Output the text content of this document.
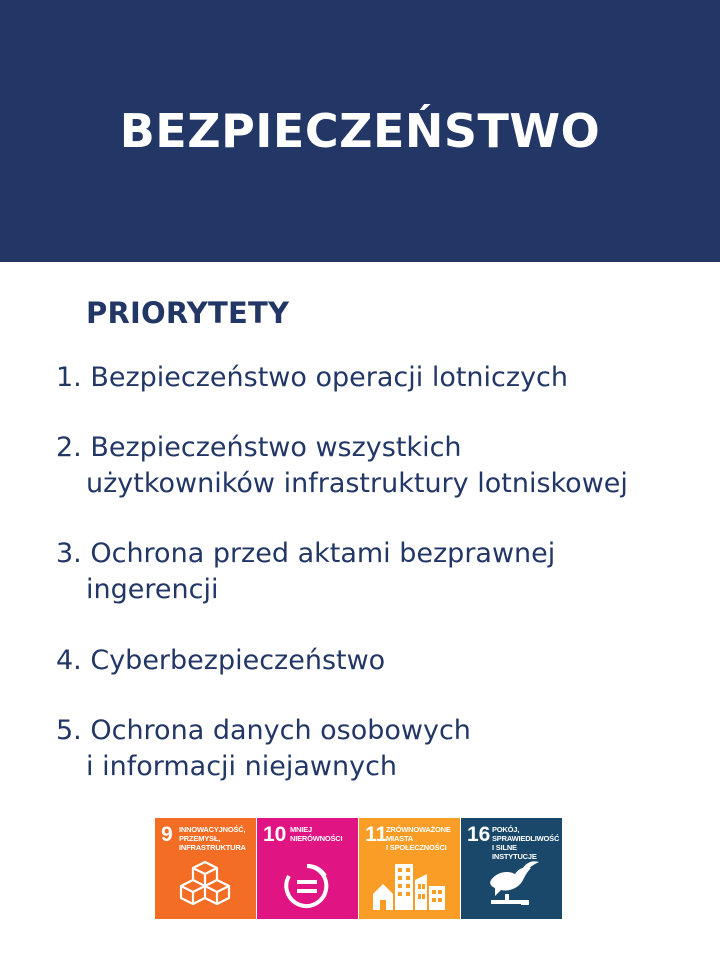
BEZPIECZEŃSTWO
PRIORYTETY
1. Bezpieczeństwo operacji lotniczych
2. Bezpieczeństwo wszystkich
użytkowników infrastruktury lotniskowej
3. Ochrona przed aktami bezprawnej
ingerencji
4. Cyberbezpieczeństwo
5. Ochrona danych osobowych
i informacji niejawnych
9 INNOWACYJNOŚĆ,
PRZEMYSŁ,
INFRASTRUKTURA
10 MNIEJ
NIERÓWNOŚCI 11
ZRÓWNOWAŻONE
MIASTA
I SPOŁECZNOŚCI
16 POKÓJ,
SPRAWIEDLIWOŚĆ
I SILNE INSTYTUCJE
